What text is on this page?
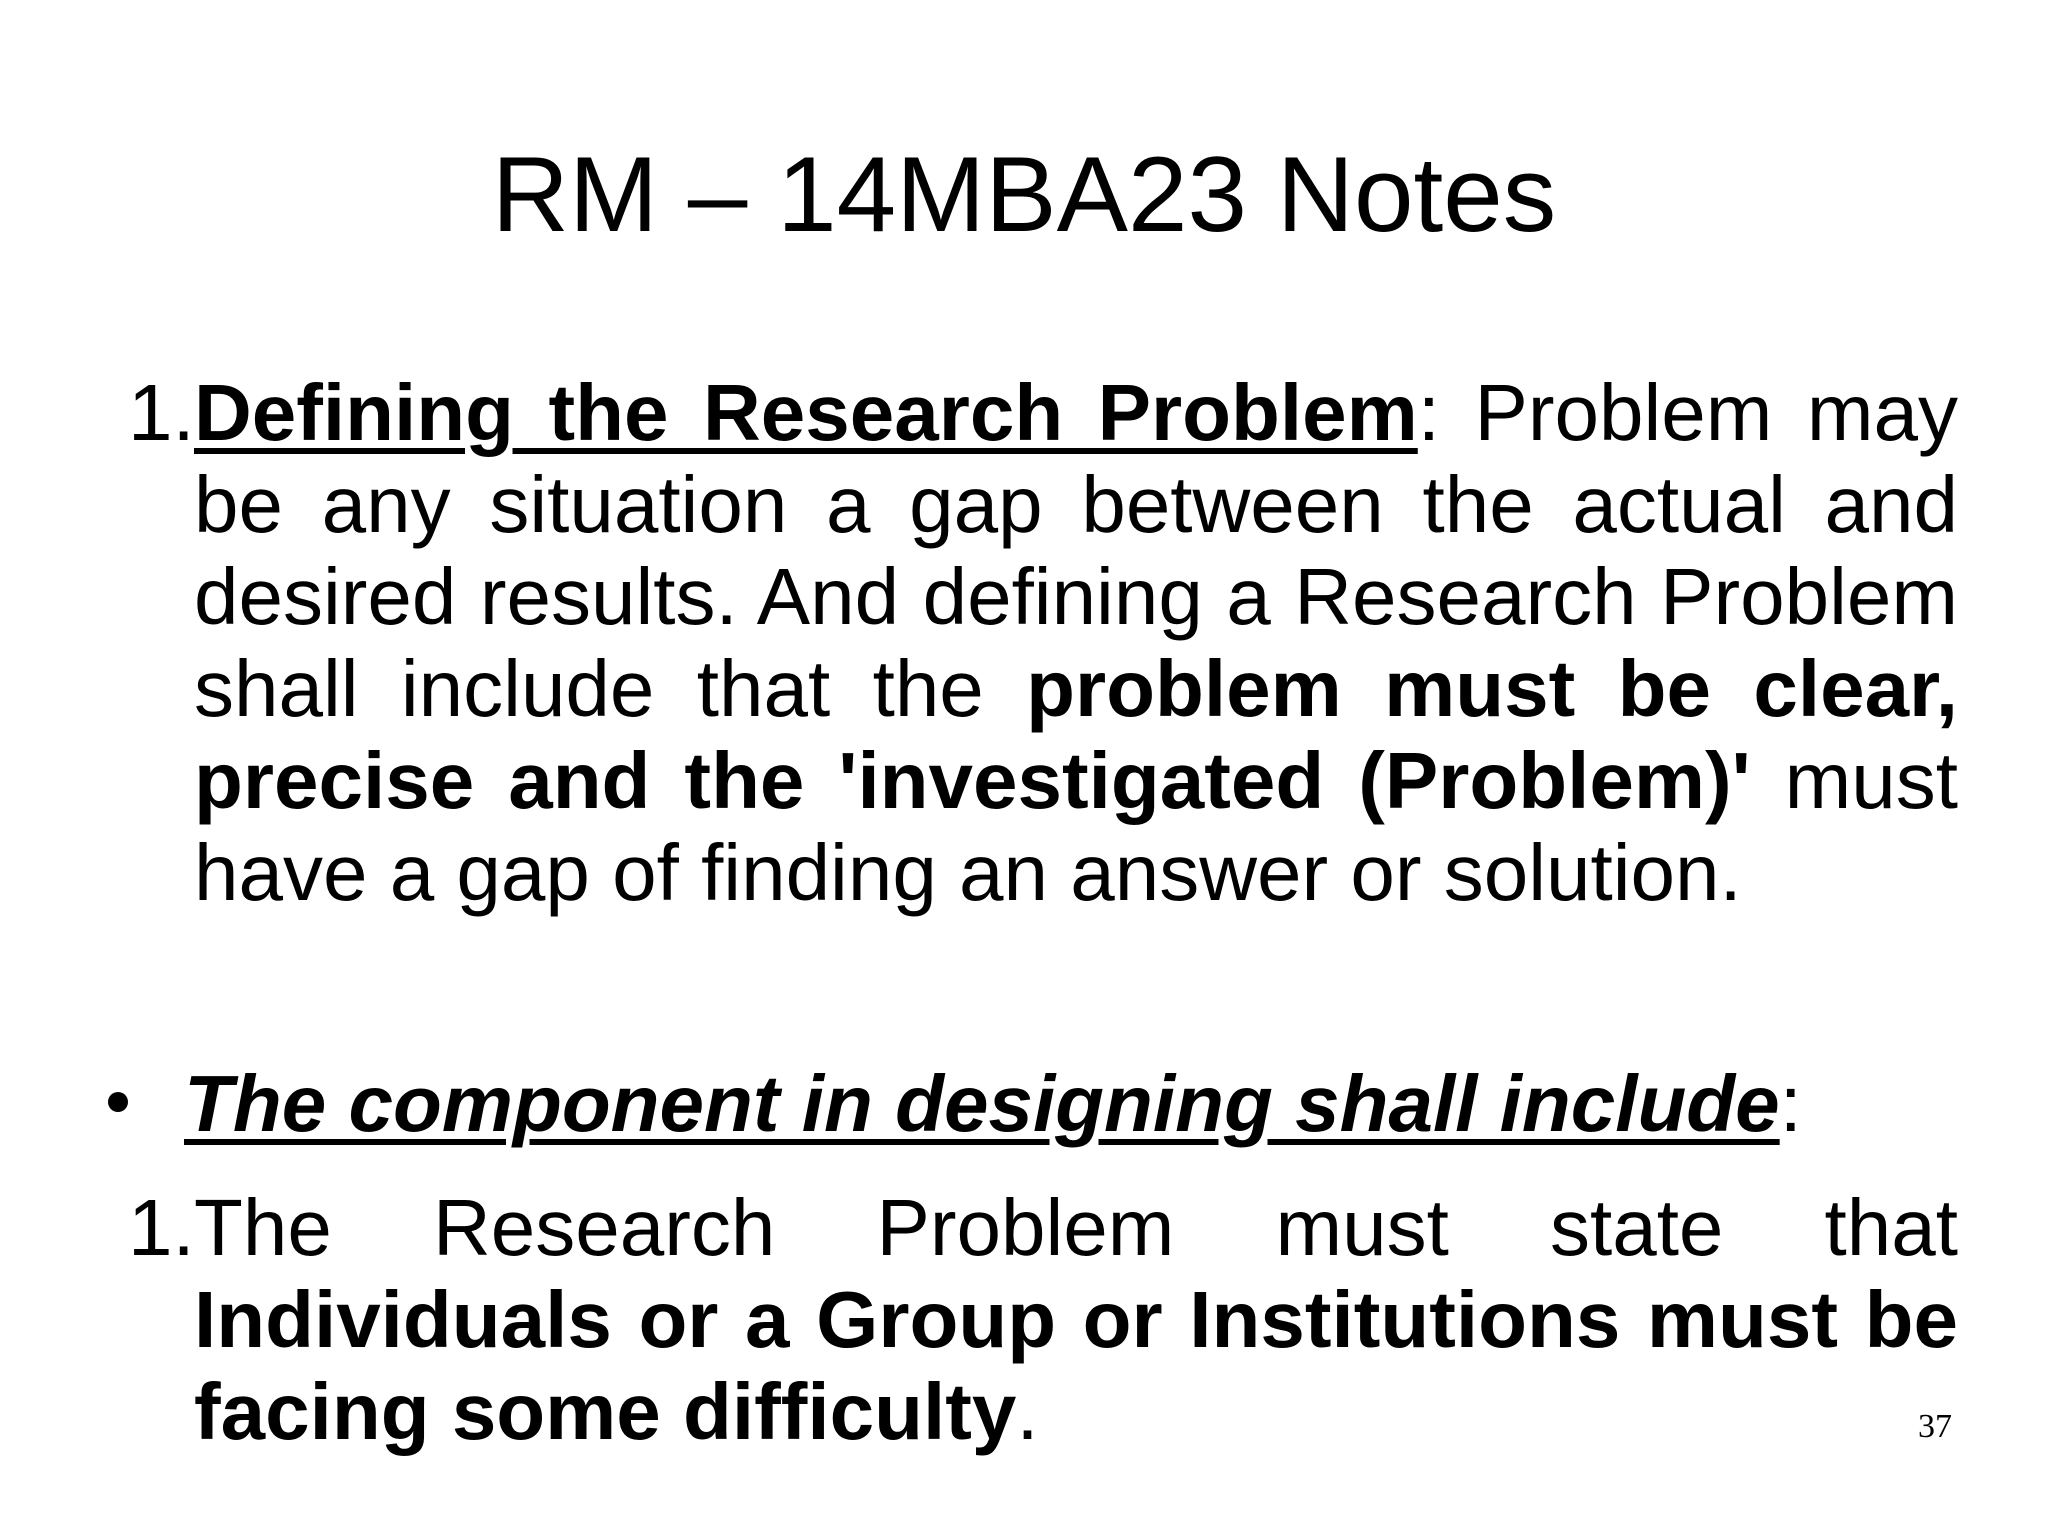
RM – 14MBA23 Notes

1.Defining the Research Problem: Problem may be any situation a gap between the actual and desired results. And defining a Research Problem shall include that the problem must be clear, precise and the 'investigated (Problem)' must have a gap of finding an answer or solution.

The component in designing shall include:

1.The Research Problem must state that Individuals or a Group or Institutions must be facing some difficulty.	37
